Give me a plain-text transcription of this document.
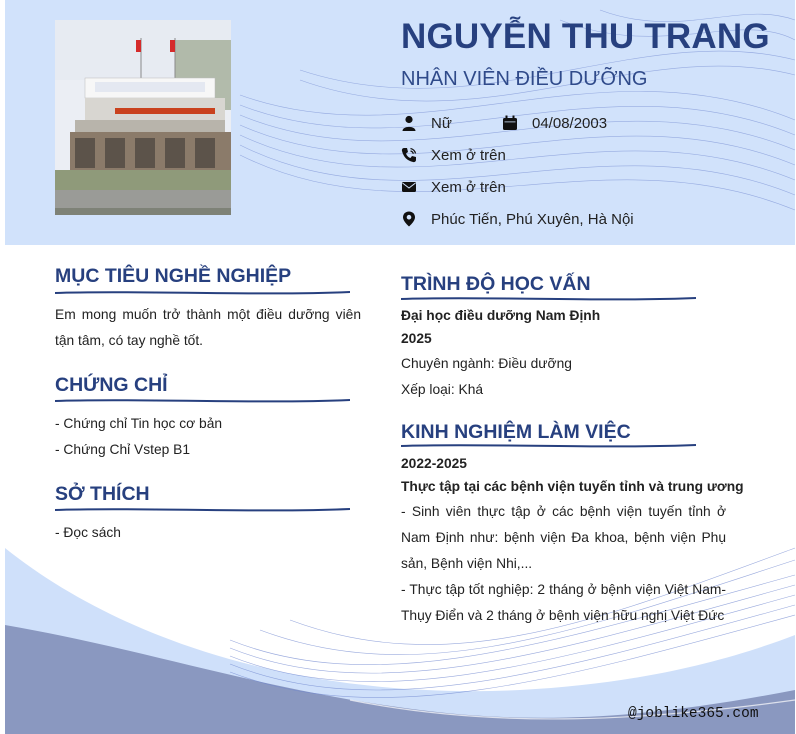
NGUYỄN THU TRANG
NHÂN VIÊN ĐIỀU DƯỠNG
Nữ	04/08/2003
Xem ở trên
Xem ở trên
Phúc Tiến, Phú Xuyên, Hà Nội
MỤC TIÊU NGHỀ NGHIỆP
Em mong muốn trở thành một điều dưỡng viên tận tâm, có tay nghề tốt.
CHỨNG CHỈ
- Chứng chỉ Tin học cơ bản
- Chứng Chỉ Vstep B1
SỞ THÍCH
- Đọc sách
TRÌNH ĐỘ HỌC VẤN
Đại học điều dưỡng Nam Định
2025
Chuyên ngành: Điều dưỡng
Xếp loại: Khá
KINH NGHIỆM LÀM VIỆC
2022-2025
Thực tập tại các bệnh viện tuyến tỉnh và trung ương
- Sinh viên thực tập ở các bệnh viện tuyến tỉnh ở Nam Định như: bệnh viện Đa khoa, bệnh viện Phụ sản, Bệnh viện Nhi,...
- Thực tập tốt nghiệp: 2 tháng ở bệnh viện Việt Nam-Thụy Điển và 2 tháng ở bệnh viện hữu nghị Việt Đức
@joblike365.com
